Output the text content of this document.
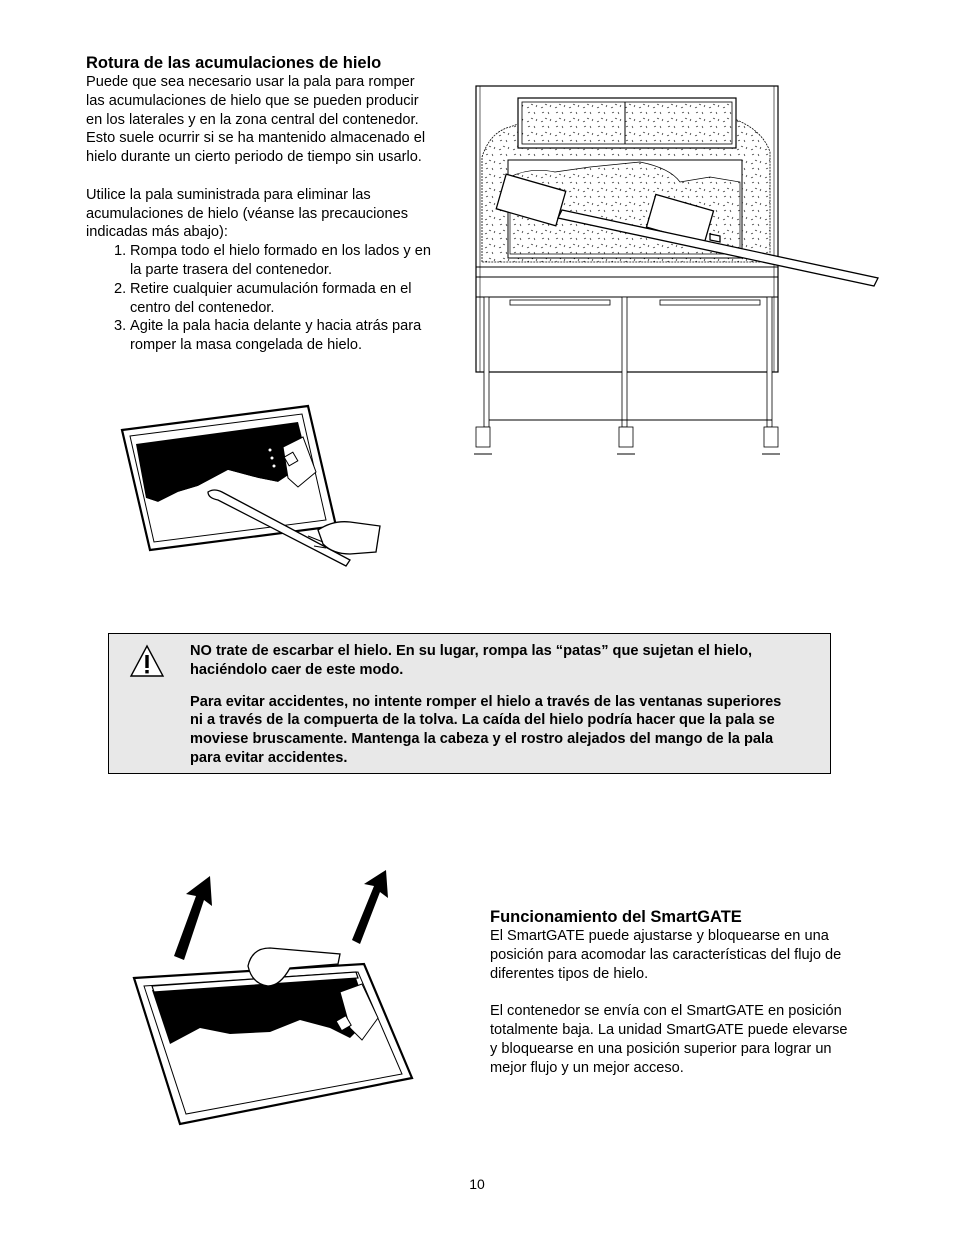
Rotura de las acumulaciones de hielo

Puede que sea necesario usar la pala para romper
las acumulaciones de hielo que se pueden producir
en los laterales y en la zona central del contenedor.
Esto suele ocurrir si se ha mantenido almacenado el
hielo durante un cierto periodo de tiempo sin usarlo.

Utilice la pala suministrada para eliminar las
acumulaciones de hielo (véanse las precauciones
indicadas más abajo):

1. Rompa todo el hielo formado en los lados y en
la parte trasera del contenedor.
2. Retire cualquier acumulación formada en el
centro del contenedor.
3. Agite la pala hacia delante y hacia atrás para
romper la masa congelada de hielo.

NO trate de escarbar el hielo. En su lugar, rompa las “patas” que sujetan el hielo,
haciéndolo caer de este modo.

Para evitar accidentes, no intente romper el hielo a través de las ventanas superiores
ni a través de la compuerta de la tolva. La caída del hielo podría hacer que la pala se
moviese bruscamente. Mantenga la cabeza y el rostro alejados del mango de la pala
para evitar accidentes.

Funcionamiento del SmartGATE

El SmartGATE puede ajustarse y bloquearse en una
posición para acomodar las características del flujo de
diferentes tipos de hielo.

El contenedor se envía con el SmartGATE en posición
totalmente baja. La unidad SmartGATE puede elevarse
y bloquearse en una posición superior para lograr un
mejor flujo y un mejor acceso.

10
